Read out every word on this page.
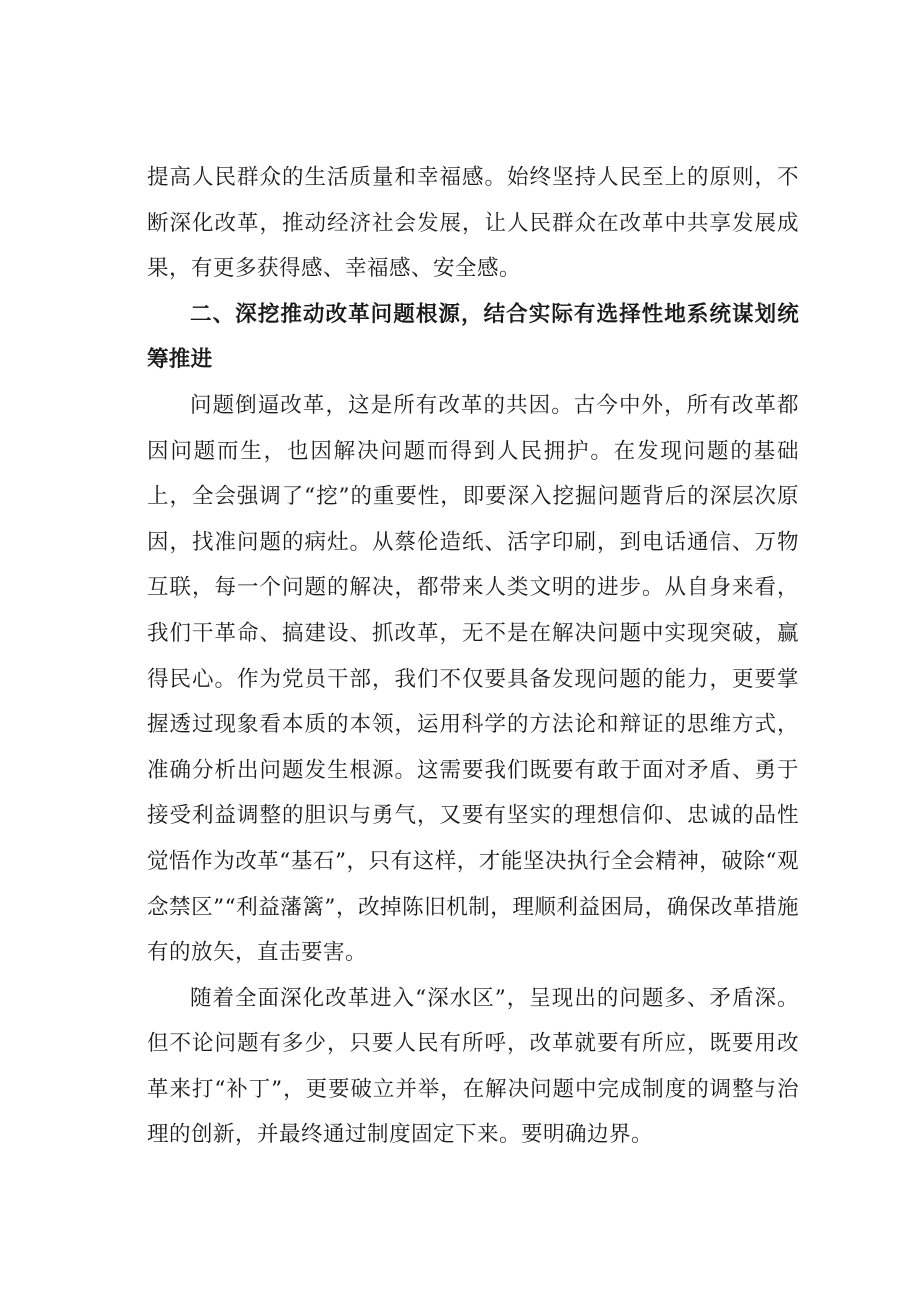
提高人民群众的生活质量和幸福感。始终坚持人民至上的原则，不断深化改革，推动经济社会发展，让人民群众在改革中共享发展成果，有更多获得感、幸福感、安全感。

二、深挖推动改革问题根源，结合实际有选择性地系统谋划统筹推进

问题倒逼改革，这是所有改革的共因。古今中外，所有改革都因问题而生，也因解决问题而得到人民拥护。在发现问题的基础上，全会强调了“挖”的重要性，即要深入挖掘问题背后的深层次原因，找准问题的病灶。从蔡伦造纸、活字印刷，到电话通信、万物互联，每一个问题的解决，都带来人类文明的进步。从自身来看，我们干革命、搞建设、抓改革，无不是在解决问题中实现突破，赢得民心。作为党员干部，我们不仅要具备发现问题的能力，更要掌握透过现象看本质的本领，运用科学的方法论和辩证的思维方式，准确分析出问题发生根源。这需要我们既要有敢于面对矛盾、勇于接受利益调整的胆识与勇气，又要有坚实的理想信仰、忠诚的品性觉悟作为改革“基石”，只有这样，才能坚决执行全会精神，破除“观念禁区”“利益藩篱”，改掉陈旧机制，理顺利益困局，确保改革措施有的放矢，直击要害。

随着全面深化改革进入“深水区”，呈现出的问题多、矛盾深。但不论问题有多少，只要人民有所呼，改革就要有所应，既要用改革来打“补丁”，更要破立并举，在解决问题中完成制度的调整与治理的创新，并最终通过制度固定下来。要明确边界。
